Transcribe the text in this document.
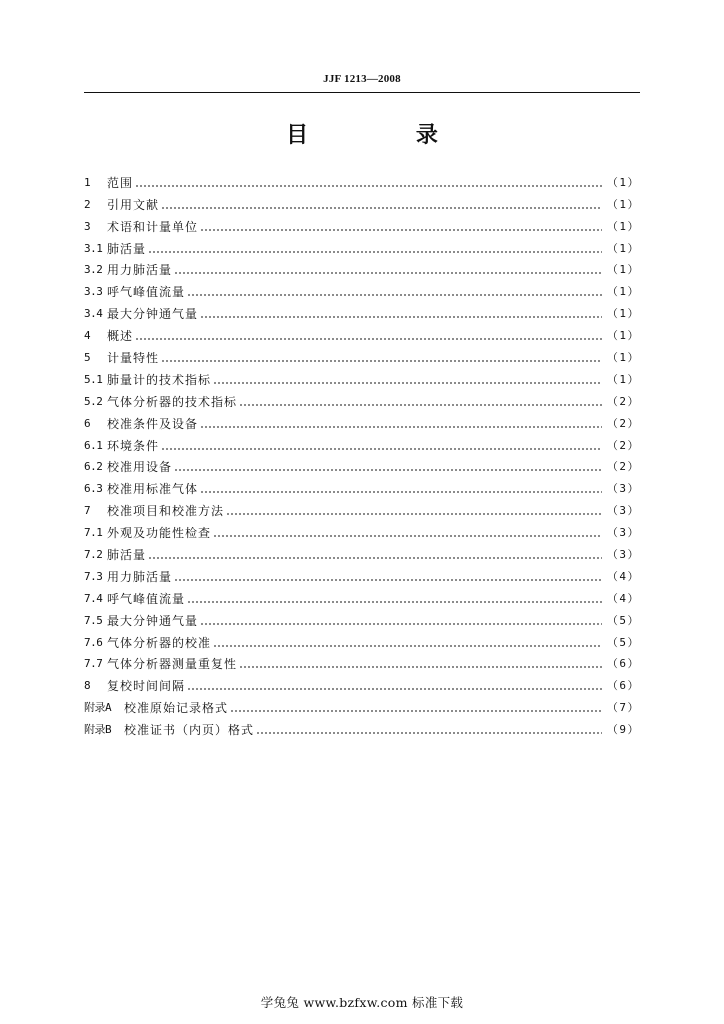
JJF 1213—2008
目 录
1	范围	（1）
2	引用文献	（1）
3	术语和计量单位	（1）
3.1 肺活量	（1）
3.2 用力肺活量	（1）
3.3 呼气峰值流量	（1）
3.4 最大分钟通气量	（1）
4	概述	（1）
5	计量特性	（1）
5.1 肺量计的技术指标	（1）
5.2 气体分析器的技术指标	（2）
6	校准条件及设备	（2）
6.1 环境条件	（2）
6.2 校准用设备	（2）
6.3 校准用标准气体	（3）
7	校准项目和校准方法	（3）
7.1 外观及功能性检查	（3）
7.2 肺活量	（3）
7.3 用力肺活量	（4）
7.4 呼气峰值流量	（4）
7.5 最大分钟通气量	（5）
7.6 气体分析器的校准	（5）
7.7 气体分析器测量重复性	（6）
8	复校时间间隔	（6）
附录A	校准原始记录格式	（7）
附录B	校准证书（内页）格式	（9）
学兔兔 www.bzfxw.com 标准下载
